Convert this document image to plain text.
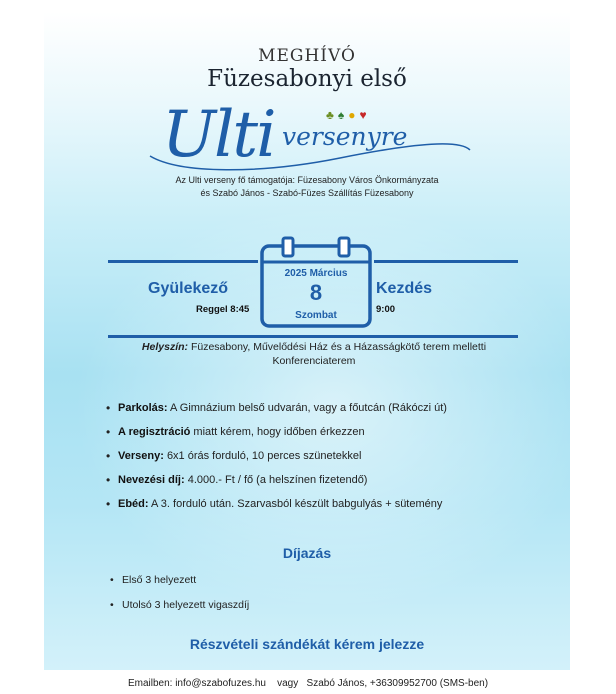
MEGHÍVÓ
Füzesabonyi első
Ulti versenyre
♣♠●♥
Az Ulti verseny fő támogatója: Füzesabony Város Önkormányzata
és Szabó János - Szabó-Füzes Szállítás Füzesabony
2025 Március
8
Szombat
Gyülekező
Reggel 8:45
Kezdés
9:00
Helyszín: Füzesabony, Művelődési Ház és a Házasságkötő terem melletti Konferenciaterem
• Parkolás: A Gimnázium belső udvarán, vagy a főutcán (Rákóczi út)
• A regisztráció miatt kérem, hogy időben érkezzen
• Verseny: 6x1 órás forduló, 10 perces szünetekkel
• Nevezési díj: 4.000.- Ft / fő (a helszínen fizetendő)
• Ebéd: A 3. forduló után. Szarvasból készült babgulyás + sütemény
Díjazás
• Első 3 helyezett
• Utolsó 3 helyezett vigaszdíj
Részvételi szándékát kérem jelezze
Emailben: info@szabofuzes.hu    vagy   Szabó János, +36309952700 (SMS-ben)
